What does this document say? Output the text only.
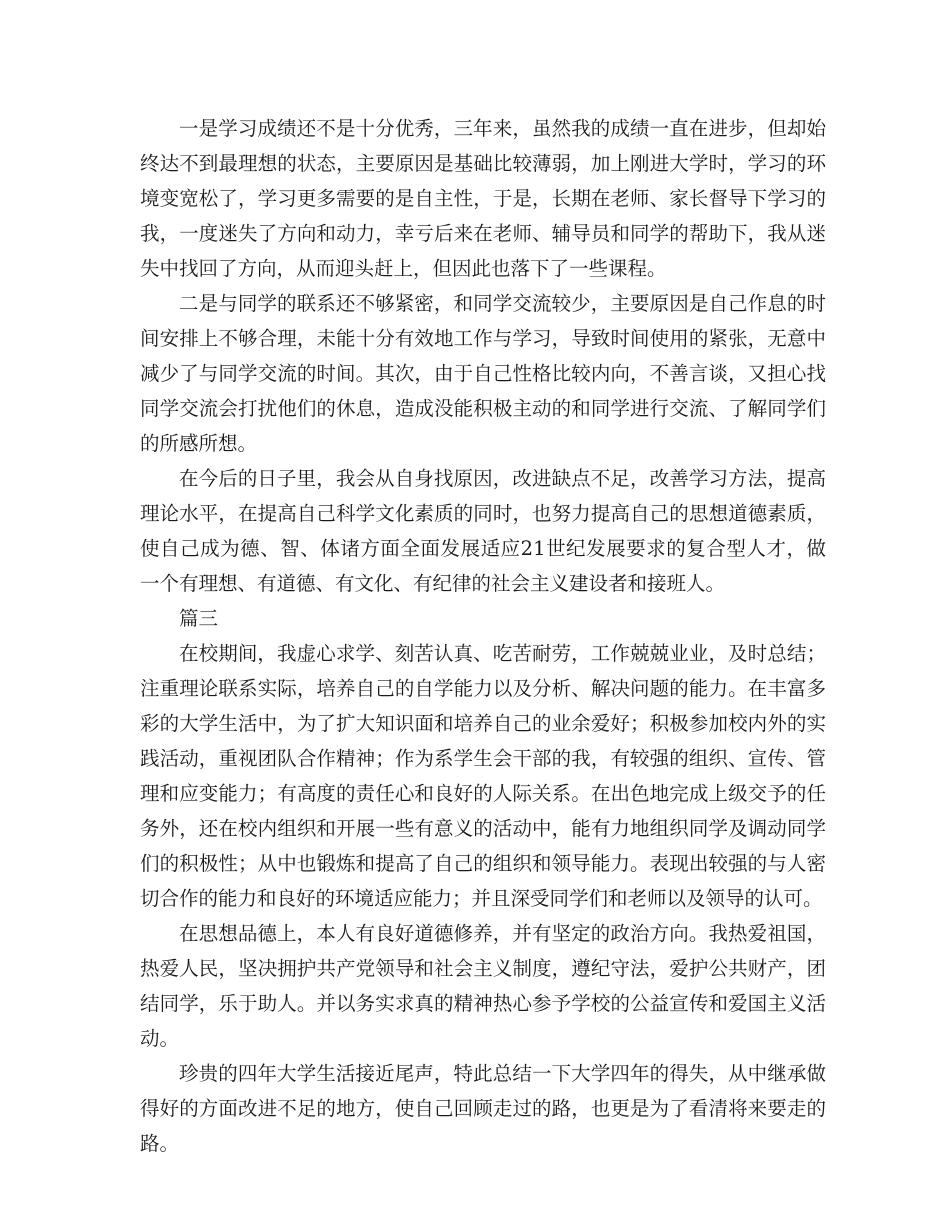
一是学习成绩还不是十分优秀，三年来，虽然我的成绩一直在进步，但却始终达不到最理想的状态，主要原因是基础比较薄弱，加上刚进大学时，学习的环境变宽松了，学习更多需要的是自主性，于是，长期在老师、家长督导下学习的我，一度迷失了方向和动力，幸亏后来在老师、辅导员和同学的帮助下，我从迷失中找回了方向，从而迎头赶上，但因此也落下了一些课程。

二是与同学的联系还不够紧密，和同学交流较少，主要原因是自己作息的时间安排上不够合理，未能十分有效地工作与学习，导致时间使用的紧张，无意中减少了与同学交流的时间。其次，由于自己性格比较内向，不善言谈，又担心找同学交流会打扰他们的休息，造成没能积极主动的和同学进行交流、了解同学们的所感所想。

在今后的日子里，我会从自身找原因，改进缺点不足，改善学习方法，提高理论水平，在提高自己科学文化素质的同时，也努力提高自己的思想道德素质，使自己成为德、智、体诸方面全面发展适应21世纪发展要求的复合型人才，做一个有理想、有道德、有文化、有纪律的社会主义建设者和接班人。

篇三

在校期间，我虚心求学、刻苦认真、吃苦耐劳，工作兢兢业业，及时总结；注重理论联系实际，培养自己的自学能力以及分析、解决问题的能力。在丰富多彩的大学生活中，为了扩大知识面和培养自己的业余爱好；积极参加校内外的实践活动，重视团队合作精神；作为系学生会干部的我，有较强的组织、宣传、管理和应变能力；有高度的责任心和良好的人际关系。在出色地完成上级交予的任务外，还在校内组织和开展一些有意义的活动中，能有力地组织同学及调动同学们的积极性；从中也锻炼和提高了自己的组织和领导能力。表现出较强的与人密切合作的能力和良好的环境适应能力；并且深受同学们和老师以及领导的认可。

在思想品德上，本人有良好道德修养，并有坚定的政治方向。我热爱祖国，热爱人民，坚决拥护共产党领导和社会主义制度，遵纪守法，爱护公共财产，团结同学，乐于助人。并以务实求真的精神热心参予学校的公益宣传和爱国主义活动。

珍贵的四年大学生活接近尾声，特此总结一下大学四年的得失，从中继承做得好的方面改进不足的地方，使自己回顾走过的路，也更是为了看清将来要走的路。
